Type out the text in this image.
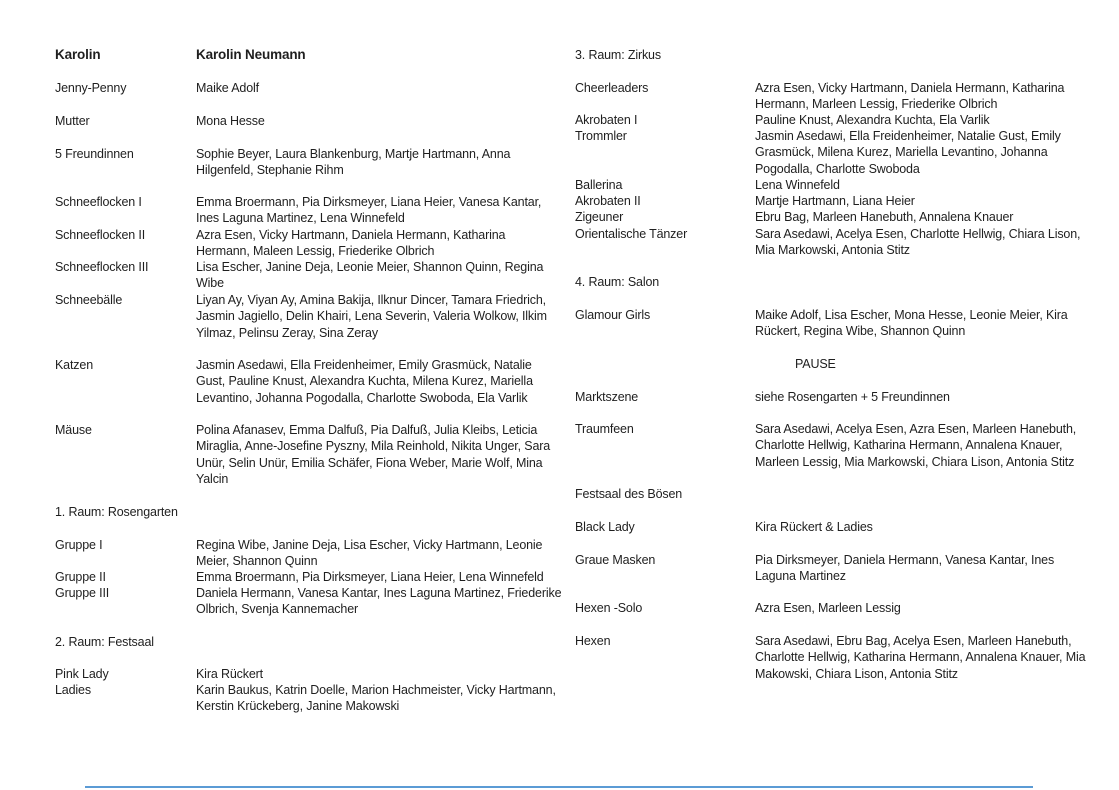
Karolin	Karolin Neumann
Jenny-Penny	Maike Adolf
Mutter	Mona Hesse
5 Freundinnen	Sophie Beyer, Laura Blankenburg, Martje Hartmann, Anna Hilgenfeld, Stephanie Rihm
Schneeflocken I	Emma Broermann, Pia Dirksmeyer, Liana Heier, Vanesa Kantar, Ines Laguna Martinez, Lena Winnefeld
Schneeflocken II	Azra Esen, Vicky Hartmann, Daniela Hermann, Katharina Hermann, Maleen Lessig, Friederike Olbrich
Schneeflocken III	Lisa Escher, Janine Deja, Leonie Meier, Shannon Quinn, Regina Wibe
Schneebälle	Liyan Ay, Viyan Ay, Amina Bakija, Ilknur Dincer, Tamara Friedrich, Jasmin Jagiello, Delin Khairi, Lena Severin, Valeria Wolkow, Ilkim Yilmaz, Pelinsu Zeray, Sina Zeray
Katzen	Jasmin Asedawi, Ella Freidenheimer, Emily Grasmück, Natalie Gust, Pauline Knust, Alexandra Kuchta, Milena Kurez, Mariella Levantino, Johanna Pogodalla, Charlotte Swoboda, Ela Varlik
Mäuse	Polina Afanasev, Emma Dalfuß, Pia Dalfuß, Julia Kleibs, Leticia Miraglia, Anne-Josefine Pyszny, Mila Reinhold, Nikita Unger, Sara Unür, Selin Unür, Emilia Schäfer, Fiona Weber, Marie Wolf, Mina Yalcin
1. Raum: Rosengarten
Gruppe I	Regina Wibe, Janine Deja, Lisa Escher, Vicky Hartmann, Leonie Meier, Shannon Quinn
Gruppe II	Emma Broermann, Pia Dirksmeyer, Liana Heier, Lena Winnefeld
Gruppe III	Daniela Hermann, Vanesa Kantar, Ines Laguna Martinez, Friederike Olbrich, Svenja Kannemacher
2. Raum: Festsaal
Pink Lady	Kira Rückert
Ladies	Karin Baukus, Katrin Doelle, Marion Hachmeister, Vicky Hartmann, Kerstin Krückeberg, Janine Makowski
3. Raum: Zirkus
Cheerleaders	Azra Esen, Vicky Hartmann, Daniela Hermann, Katharina Hermann, Marleen Lessig, Friederike Olbrich
Akrobaten I	Pauline Knust, Alexandra Kuchta, Ela Varlik
Trommler	Jasmin Asedawi, Ella Freidenheimer, Natalie Gust, Emily Grasmück, Milena Kurez, Mariella Levantino, Johanna Pogodalla, Charlotte Swoboda
Ballerina	Lena Winnefeld
Akrobaten II	Martje Hartmann, Liana Heier
Zigeuner	Ebru Bag, Marleen Hanebuth, Annalena Knauer
Orientalische Tänzer	Sara Asedawi, Acelya Esen, Charlotte Hellwig, Chiara Lison, Mia Markowski, Antonia Stitz
4. Raum: Salon
Glamour Girls	Maike Adolf, Lisa Escher, Mona Hesse, Leonie Meier, Kira Rückert, Regina Wibe, Shannon Quinn
PAUSE
Marktszene	siehe Rosengarten + 5 Freundinnen
Traumfeen	Sara Asedawi, Acelya Esen, Azra Esen, Marleen Hanebuth, Charlotte Hellwig, Katharina Hermann, Annalena Knauer, Marleen Lessig, Mia Markowski, Chiara Lison, Antonia Stitz
Festsaal des Bösen
Black Lady	Kira Rückert & Ladies
Graue Masken	Pia Dirksmeyer, Daniela Hermann, Vanesa Kantar, Ines Laguna Martinez
Hexen -Solo	Azra Esen, Marleen Lessig
Hexen	Sara Asedawi, Ebru Bag, Acelya Esen, Marleen Hanebuth, Charlotte Hellwig, Katharina Hermann, Annalena Knauer, Mia Makowski, Chiara Lison, Antonia Stitz
